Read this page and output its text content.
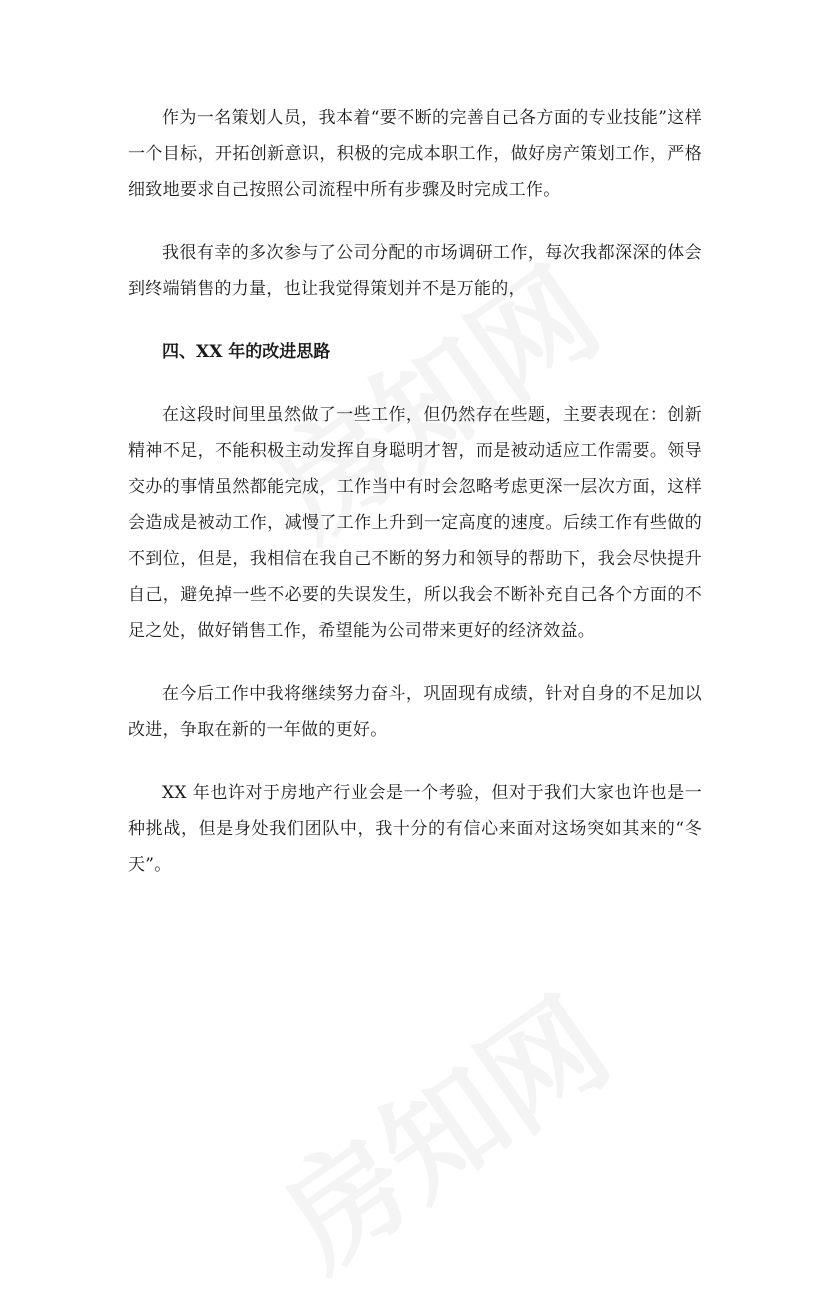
作为一名策划人员，我本着“要不断的完善自己各方面的专业技能”这样一个目标，开拓创新意识，积极的完成本职工作，做好房产策划工作，严格细致地要求自己按照公司流程中所有步骤及时完成工作。

我很有幸的多次参与了公司分配的市场调研工作，每次我都深深的体会到终端销售的力量，也让我觉得策划并不是万能的，

四、XX 年的改进思路

在这段时间里虽然做了一些工作，但仍然存在些题，主要表现在：创新精神不足，不能积极主动发挥自身聪明才智，而是被动适应工作需要。领导交办的事情虽然都能完成，工作当中有时会忽略考虑更深一层次方面，这样会造成是被动工作，减慢了工作上升到一定高度的速度。后续工作有些做的不到位，但是，我相信在我自己不断的努力和领导的帮助下，我会尽快提升自己，避免掉一些不必要的失误发生，所以我会不断补充自己各个方面的不足之处，做好销售工作，希望能为公司带来更好的经济效益。

在今后工作中我将继续努力奋斗，巩固现有成绩，针对自身的不足加以改进，争取在新的一年做的更好。

XX 年也许对于房地产行业会是一个考验，但对于我们大家也许也是一种挑战，但是身处我们团队中，我十分的有信心来面对这场突如其来的“冬天”。
